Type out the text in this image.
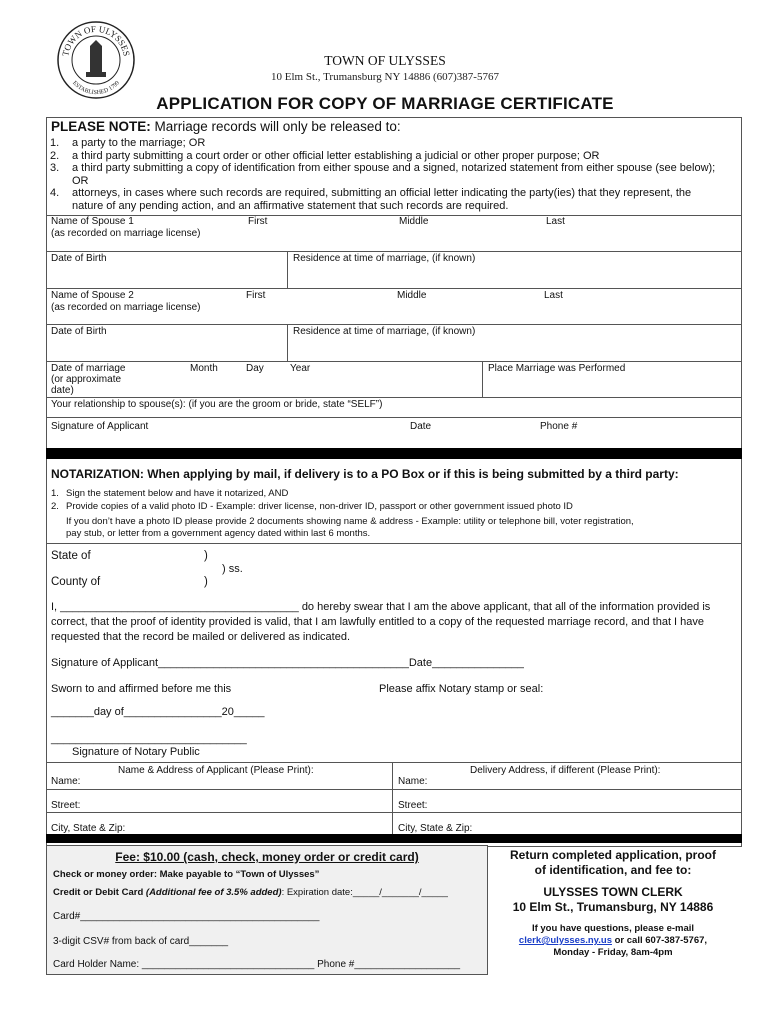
TOWN OF ULYSSES
ESTABLISHED 1799
TOWN OF ULYSSES
10 Elm St., Trumansburg NY 14886 (607)387-5767
APPLICATION FOR COPY OF MARRIAGE CERTIFICATE
PLEASE NOTE: Marriage records will only be released to:
1. a party to the marriage; OR
2. a third party submitting a court order or other official letter establishing a judicial or other proper purpose; OR
3. a third party submitting a copy of identification from either spouse and a signed, notarized statement from either spouse (see below); OR
4. attorneys, in cases where such records are required, submitting an official letter indicating the party(ies) that they represent, the nature of any pending action, and an affirmative statement that such records are required.
Name of Spouse 1
(as recorded on marriage license)
First	Middle	Last
Date of Birth	Residence at time of marriage, (if known)
Name of Spouse 2
(as recorded on marriage license)
First	Middle	Last
Date of Birth	Residence at time of marriage, (if known)
Date of marriage
(or approximate
date)
Month	Day	Year	Place Marriage was Performed
Your relationship to spouse(s): (if you are the groom or bride, state “SELF”)
Signature of Applicant	Date	Phone #
NOTARIZATION: When applying by mail, if delivery is to a PO Box or if this is being submitted by a third party:
1. Sign the statement below and have it notarized, AND
2. Provide copies of a valid photo ID - Example: driver license, non-driver ID, passport or other government issued photo ID
If you don’t have a photo ID please provide 2 documents showing name & address - Example: utility or telephone bill, voter registration,
pay stub, or letter from a government agency dated within last 6 months.
State of	)
) ss.
County of	)
I, _______________________________________ do hereby swear that I am the above applicant, that all of the information provided is correct, that the proof of identity provided is valid, that I am lawfully entitled to a copy of the requested marriage record, and that I have requested that the record be mailed or delivered as indicated.
Signature of Applicant_________________________________________Date_______________
Sworn to and affirmed before me this	Please affix Notary stamp or seal:
_______day of________________20_____
________________________________
Signature of Notary Public
Name & Address of Applicant (Please Print):	Delivery Address, if different (Please Print):
Name:	Name:
Street:	Street:
City, State & Zip:	City, State & Zip:
Fee: $10.00 (cash, check, money order or credit card)
Check or money order: Make payable to “Town of Ulysses”
Credit or Debit Card (Additional fee of 3.5% added): Expiration date:_____/_______/_____
Card#___________________________________________
3-digit CSV# from back of card_______
Card Holder Name: _______________________________ Phone #___________________
Return completed application, proof
of identification, and fee to:
ULYSSES TOWN CLERK
10 Elm St., Trumansburg, NY 14886
If you have questions, please e-mail
clerk@ulysses.ny.us or call 607-387-5767,
Monday - Friday, 8am-4pm
